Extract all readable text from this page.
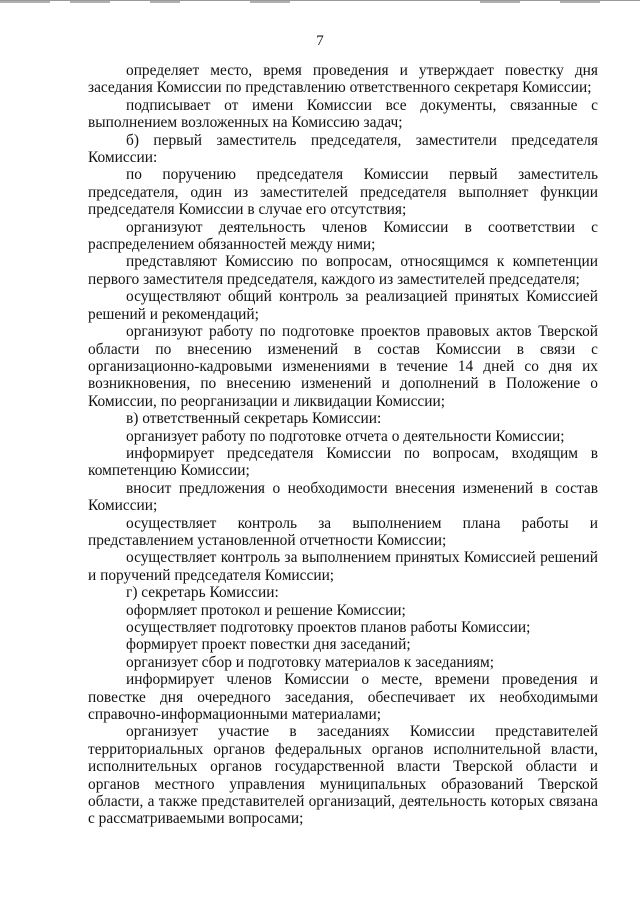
7

определяет место, время проведения и утверждает повестку дня заседания Комиссии по представлению ответственного секретаря Комиссии;

подписывает от имени Комиссии все документы, связанные с выполнением возложенных на Комиссию задач;

б) первый заместитель председателя, заместители председателя Комиссии:

по поручению председателя Комиссии первый заместитель председателя, один из заместителей председателя выполняет функции председателя Комиссии в случае его отсутствия;

организуют деятельность членов Комиссии в соответствии с распределением обязанностей между ними;

представляют Комиссию по вопросам, относящимся к компетенции первого заместителя председателя, каждого из заместителей председателя;

осуществляют общий контроль за реализацией принятых Комиссией решений и рекомендаций;

организуют работу по подготовке проектов правовых актов Тверской области по внесению изменений в состав Комиссии в связи с организационно-кадровыми изменениями в течение 14 дней со дня их возникновения, по внесению изменений и дополнений в Положение о Комиссии, по реорганизации и ликвидации Комиссии;

в) ответственный секретарь Комиссии:

организует работу по подготовке отчета о деятельности Комиссии;

информирует председателя Комиссии по вопросам, входящим в компетенцию Комиссии;

вносит предложения о необходимости внесения изменений в состав Комиссии;

осуществляет контроль за выполнением плана работы и представлением установленной отчетности Комиссии;

осуществляет контроль за выполнением принятых Комиссией решений и поручений председателя Комиссии;

г) секретарь Комиссии:

оформляет протокол и решение Комиссии;

осуществляет подготовку проектов планов работы Комиссии;

формирует проект повестки дня заседаний;

организует сбор и подготовку материалов к заседаниям;

информирует членов Комиссии о месте, времени проведения и повестке дня очередного заседания, обеспечивает их необходимыми справочно-информационными материалами;

организует участие в заседаниях Комиссии представителей территориальных органов федеральных органов исполнительной власти, исполнительных органов государственной власти Тверской области и органов местного управления муниципальных образований Тверской области, а также представителей организаций, деятельность которых связана с рассматриваемыми вопросами;
